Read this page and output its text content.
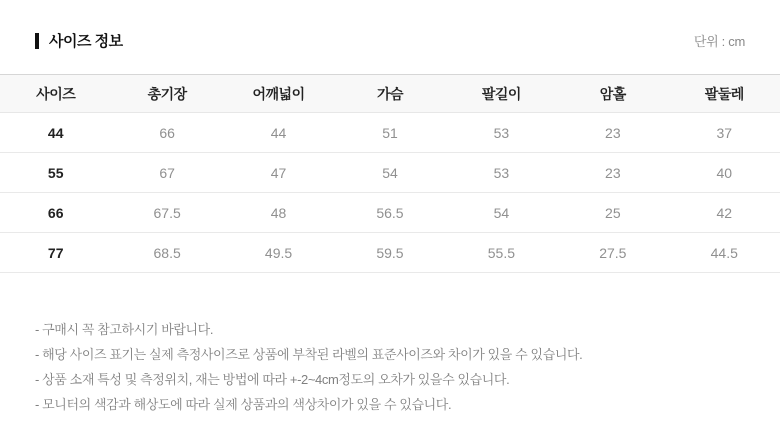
사이즈 정보	단위 : cm
사이즈	총기장	어깨넓이	가슴	팔길이	암홀	팔둘레
44	66	44	51	53	23	37
55	67	47	54	53	23	40
66	67.5	48	56.5	54	25	42
77	68.5	49.5	59.5	55.5	27.5	44.5
- 구매시 꼭 참고하시기 바랍니다.
- 해당 사이즈 표기는 실제 측정사이즈로 상품에 부착된 라벨의 표준사이즈와 차이가 있을 수 있습니다.
- 상품 소재 특성 및 측정위치, 재는 방법에 따라 +-2~4cm정도의 오차가 있을수 있습니다.
- 모니터의 색감과 해상도에 따라 실제 상품과의 색상차이가 있을 수 있습니다.
